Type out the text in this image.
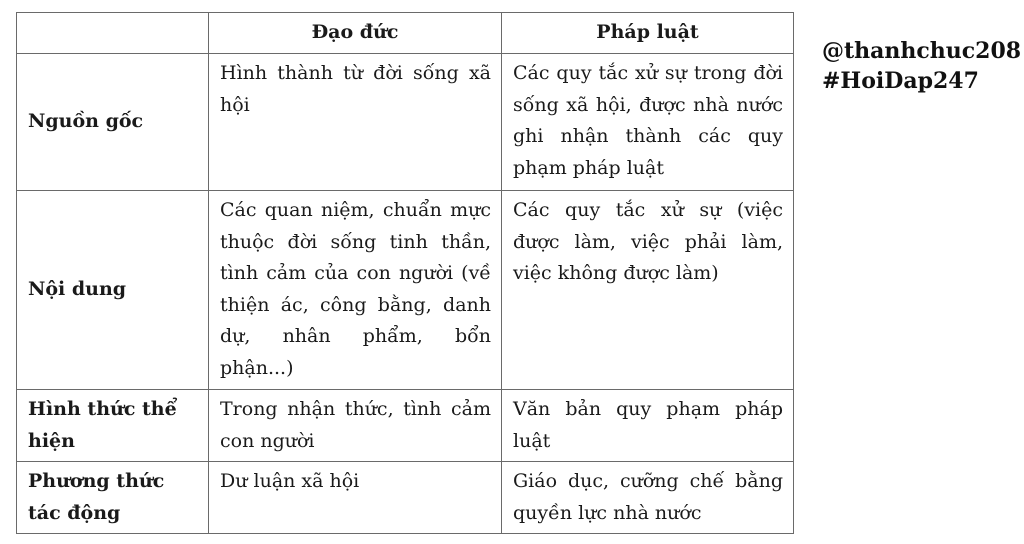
	Đạo đức	Pháp luật
Nguồn gốc	Hình thành từ đời sống xã hội	Các quy tắc xử sự trong đời sống xã hội, được nhà nước ghi nhận thành các quy phạm pháp luật
Nội dung	Các quan niệm, chuẩn mực thuộc đời sống tinh thần, tình cảm của con người (về thiện ác, công bằng, danh dự, nhân phẩm, bổn phận...)	Các quy tắc xử sự (việc được làm, việc phải làm, việc không được làm)
Hình thức thể hiện	Trong nhận thức, tình cảm con người	Văn bản quy phạm pháp luật
Phương thức tác động	Dư luận xã hội	Giáo dục, cưỡng chế bằng quyền lực nhà nước
@thanhchuc208
#HoiDap247
